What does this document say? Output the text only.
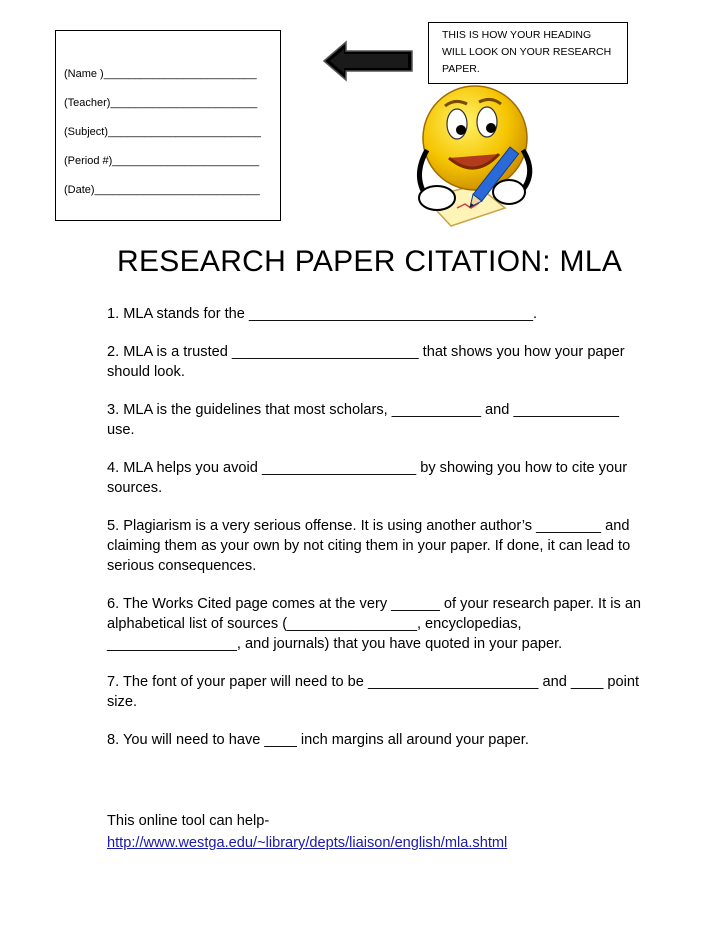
(Name )_________________________
(Teacher)________________________
(Subject)_________________________
(Period #)________________________
(Date)___________________________
THIS IS HOW YOUR HEADING
WILL LOOK ON YOUR RESEARCH
PAPER.
RESEARCH PAPER CITATION: MLA

1. MLA stands for the ___________________________________.

2. MLA is a trusted _______________________ that shows you how your paper should look.

3. MLA is the guidelines that most scholars, ___________ and _____________ use.

4. MLA helps you avoid ___________________ by showing you how to cite your sources.

5. Plagiarism is a very serious offense. It is using another author’s ________ and claiming them as your own by not citing them in your paper. If done, it can lead to serious consequences.

6. The Works Cited page comes at the very ______ of your research paper. It is an alphabetical list of sources (________________, encyclopedias, ________________, and journals) that you have quoted in your paper.

7. The font of your paper will need to be _____________________ and ____ point size.

8. You will need to have ____ inch margins all around your paper.

This online tool can help-
http://www.westga.edu/~library/depts/liaison/english/mla.shtml
